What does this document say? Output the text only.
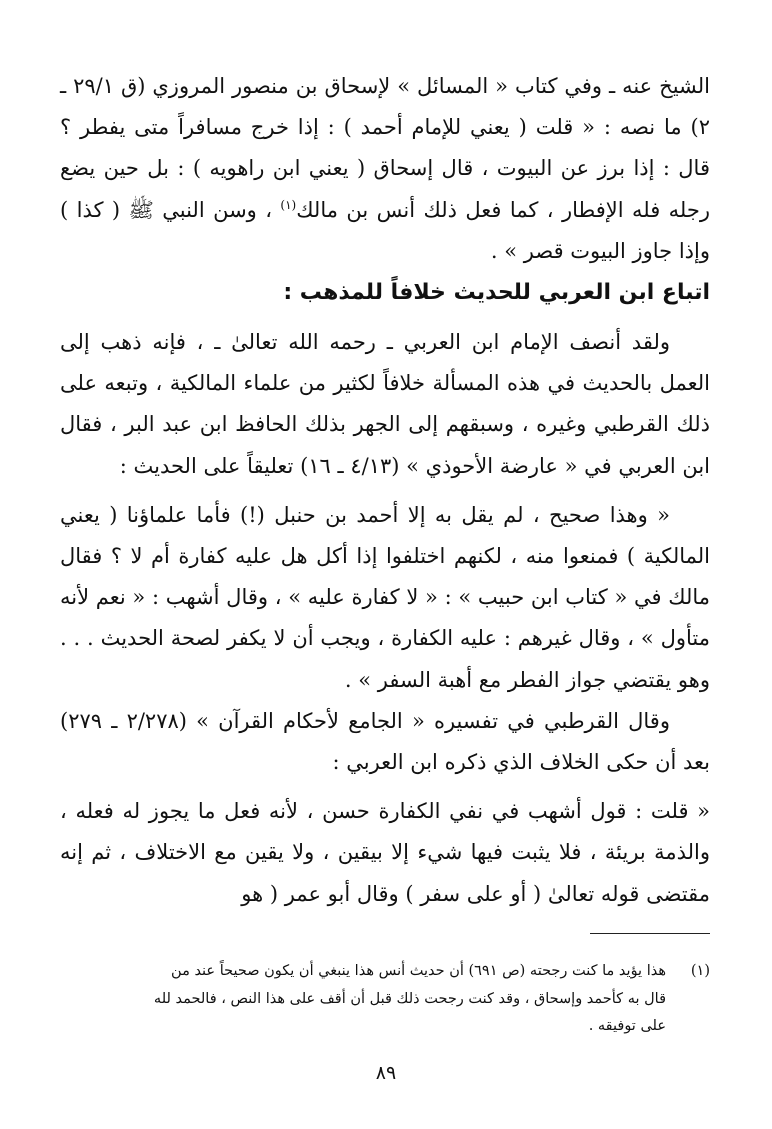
الشيخ عنه ـ وفي كتاب « المسائل » لإسحاق بن منصور المروزي (ق ٢٩/١ ـ ٢) ما نصه : « قلت ( يعني للإمام أحمد ) : إذا خرج مسافراً متى يفطر ؟ قال : إذا برز عن البيوت ، قال إسحاق ( يعني ابن راهويه ) : بل حين يضع رجله فله الإفطار ، كما فعل ذلك أنس بن مالك$^{(١)}$ ، وسن النبي ﷺ ( كذا ) وإذا جاوز البيوت قصر » .

اتباع ابن العربي للحديث خلافاً للمذهب :

ولقد أنصف الإمام ابن العربي ـ رحمه الله تعالىٰ ـ ، فإنه ذهب إلى العمل بالحديث في هذه المسألة خلافاً لكثير من علماء المالكية ، وتبعه على ذلك القرطبي وغيره ، وسبقهم إلى الجهر بذلك الحافظ ابن عبد البر ، فقال ابن العربي في « عارضة الأحوذي » (٤/١٣ ـ ١٦) تعليقاً على الحديث :

« وهذا صحيح ، لم يقل به إلا أحمد بن حنبل (!) فأما علماؤنا ( يعني المالكية ) فمنعوا منه ، لكنهم اختلفوا إذا أكل هل عليه كفارة أم لا ؟ فقال مالك في « كتاب ابن حبيب » : « لا كفارة عليه » ، وقال أشهب : « نعم لأنه متأول » ، وقال غيرهم : عليه الكفارة ، ويجب أن لا يكفر لصحة الحديث . . . وهو يقتضي جواز الفطر مع أهبة السفر » .

وقال القرطبي في تفسيره « الجامع لأحكام القرآن » (٢/٢٧٨ ـ ٢٧٩) بعد أن حكى الخلاف الذي ذكره ابن العربي :

« قلت : قول أشهب في نفي الكفارة حسن ، لأنه فعل ما يجوز له فعله ، والذمة بريئة ، فلا يثبت فيها شيء إلا بيقين ، ولا يقين مع الاختلاف ، ثم إنه مقتضى قوله تعالىٰ ( أو على سفر ) وقال أبو عمر ( هو

(١)هذا يؤيد ما كنت رجحته (ص ٦٩١) أن حديث أنس هذا ينبغي أن يكون صحيحاً عند من

قال به كأحمد وإسحاق ، وقد كنت رجحت ذلك قبل أن أقف على هذا النص ، فالحمد لله

على توفيقه .

٨٩
